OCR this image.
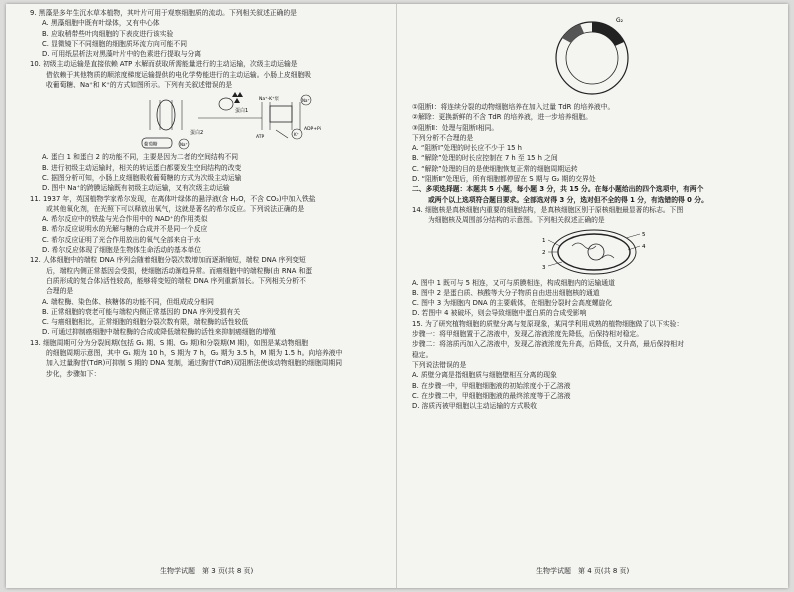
9. 黑藻是多年生沉水草本植物，其叶片可用于观察细胞质的流动。下列相关叙述正确的是
A. 黑藻细胞中既有叶绿体，又有中心体
B. 应取稍带些叶肉细胞的下表皮进行该实验
C. 显微镜下不同细胞的细胞质环流方向可能不同
D. 可用纸层析法对黑藻叶片中的色素进行提取与分离
10. 初级主动运输是直接依赖 ATP 水解而获取所需能量进行的主动运输，次级主动运输是
借依赖于其他物质的顺浓度梯度运输提供的电化学势能进行的主动运输。小肠上皮细胞吸
收葡萄糖、Na⁺和 K⁺的方式如图所示。下列有关叙述错误的是
蛋白1
蛋白2
Na⁺-K⁺泵
ATP
ADP+Pi
葡萄糖	Na⁺
Na⁺
K⁺
A. 蛋白 1 和蛋白 2 的功能不同，主要是因为二者的空间结构不同
B. 进行初级主动运输时，相关的转运蛋白都要发生空间结构的改变
C. 据图分析可知，小肠上皮细胞吸收葡萄糖的方式为次级主动运输
D. 图中 Na⁺的跨膜运输既有初级主动运输，又有次级主动运输
11. 1937 年，英国植物学家希尔发现，在离体叶绿体的悬浮液(含 H₂O，不含 CO₂)中加入铁盐
或其他氧化剂，在光照下可以释放出氧气，这就是著名的希尔反应。下列说法正确的是
A. 希尔反应中的铁盐与光合作用中的 NAD⁺的作用类似
B. 希尔反应说明水的光解与糖的合成并不是同一个反应
C. 希尔反应证明了光合作用放出的氧气全部来自于水
D. 希尔反应体现了细胞是生物体生命活动的基本单位
12. 人体细胞中的端粒 DNA 序列会随着细胞分裂次数增加而逐渐缩短，端粒 DNA 序列变短
后，端粒内侧正常基因会受损，使细胞活动渐趋异常。而癌细胞中的端粒酶(由 RNA 和蛋
白质形成的复合体)活性较高，能够将变短的端粒 DNA 序列重新加长。下列相关分析不
合理的是
A. 端粒酶、染色体、核糖体的功能不同，但组成成分相同
B. 正常细胞的衰老可能与端粒内侧正常基因的 DNA 序列受损有关
C. 与癌细胞相比，正常细胞的细胞分裂次数有限，端粒酶的活性较低
D. 可通过抑制癌细胞中端粒酶的合成或降低端粒酶的活性来抑制癌细胞的增殖
13. 细胞周期可分为分裂间期(包括 G₁ 期、S 期、G₂ 期)和分裂期(M 期)，如图是某动物细胞
的细胞周期示意图，其中 G₁ 期为 10 h，S 期为 7 h，G₂ 期为 3.5 h，M 期为 1.5 h。向培养液中
加入过量胸苷(TdR)可抑制 S 期的 DNA 复制，通过胸苷(TdR)双阻断法使该动物细胞的细胞周期同
步化，步骤如下：
生物学试题　第 3 页(共 8 页)
G₂
①阻断Ⅰ：将连续分裂的动物细胞培养在加入过量 TdR 的培养液中。
②解除：更换新鲜的不含 TdR 的培养液，进一步培养细胞。
③阻断Ⅱ：处理与阻断Ⅰ相同。
下列分析不合理的是
A. “阻断Ⅰ”处理的时长应不少于 15 h
B. “解除”处理的时长应控制在 7 h 至 15 h 之间
C. “解除”处理的目的是使细胞恢复正常的细胞周期运转
D. “阻断Ⅱ”处理后，所有细胞都停留在 S 期与 G₂ 期的交界处
二、多项选择题：本题共 5 小题，每小题 3 分，共 15 分。在每小题给出的四个选项中，有两个
或两个以上选项符合题目要求。全部选对得 3 分，选对但不全的得 1 分，有选错的得 0 分。
14. 细胞核是真核细胞内重要的细胞结构，是真核细胞区别于原核细胞最显著的标志。下图
为细胞核及周围部分结构的示意图。下列相关叙述正确的是
1
2
3
4
5
A. 图中 1 既可与 5 相连，又可与质膜相连，构成细胞内的运输通道
B. 图中 2 是蛋白质、核酸等大分子物质自由进出细胞核的通道
C. 图中 3 为细胞内 DNA 的主要载体，在细胞分裂时会高度螺旋化
D. 若图中 4 被破坏，则会导致细胞中蛋白质的合成受影响
15. 为了研究植物细胞的质壁分离与复原现象，某同学利用成熟的植物细胞做了以下实验：
步骤一：将甲细胞置于乙溶液中，发现乙溶液浓度先降低，后保持相对稳定。
步骤二：将溶质丙加入乙溶液中，发现乙溶液浓度先升高，后降低，又升高，最后保持相对
稳定。
下列说法错误的是
A. 质壁分离是指细胞质与细胞壁相互分离的现象
B. 在步骤一中，甲细胞细胞液的初始浓度小于乙溶液
C. 在步骤二中，甲细胞细胞液的最终浓度等于乙溶液
D. 溶质丙被甲细胞以主动运输的方式吸收
生物学试题　第 4 页(共 8 页)
